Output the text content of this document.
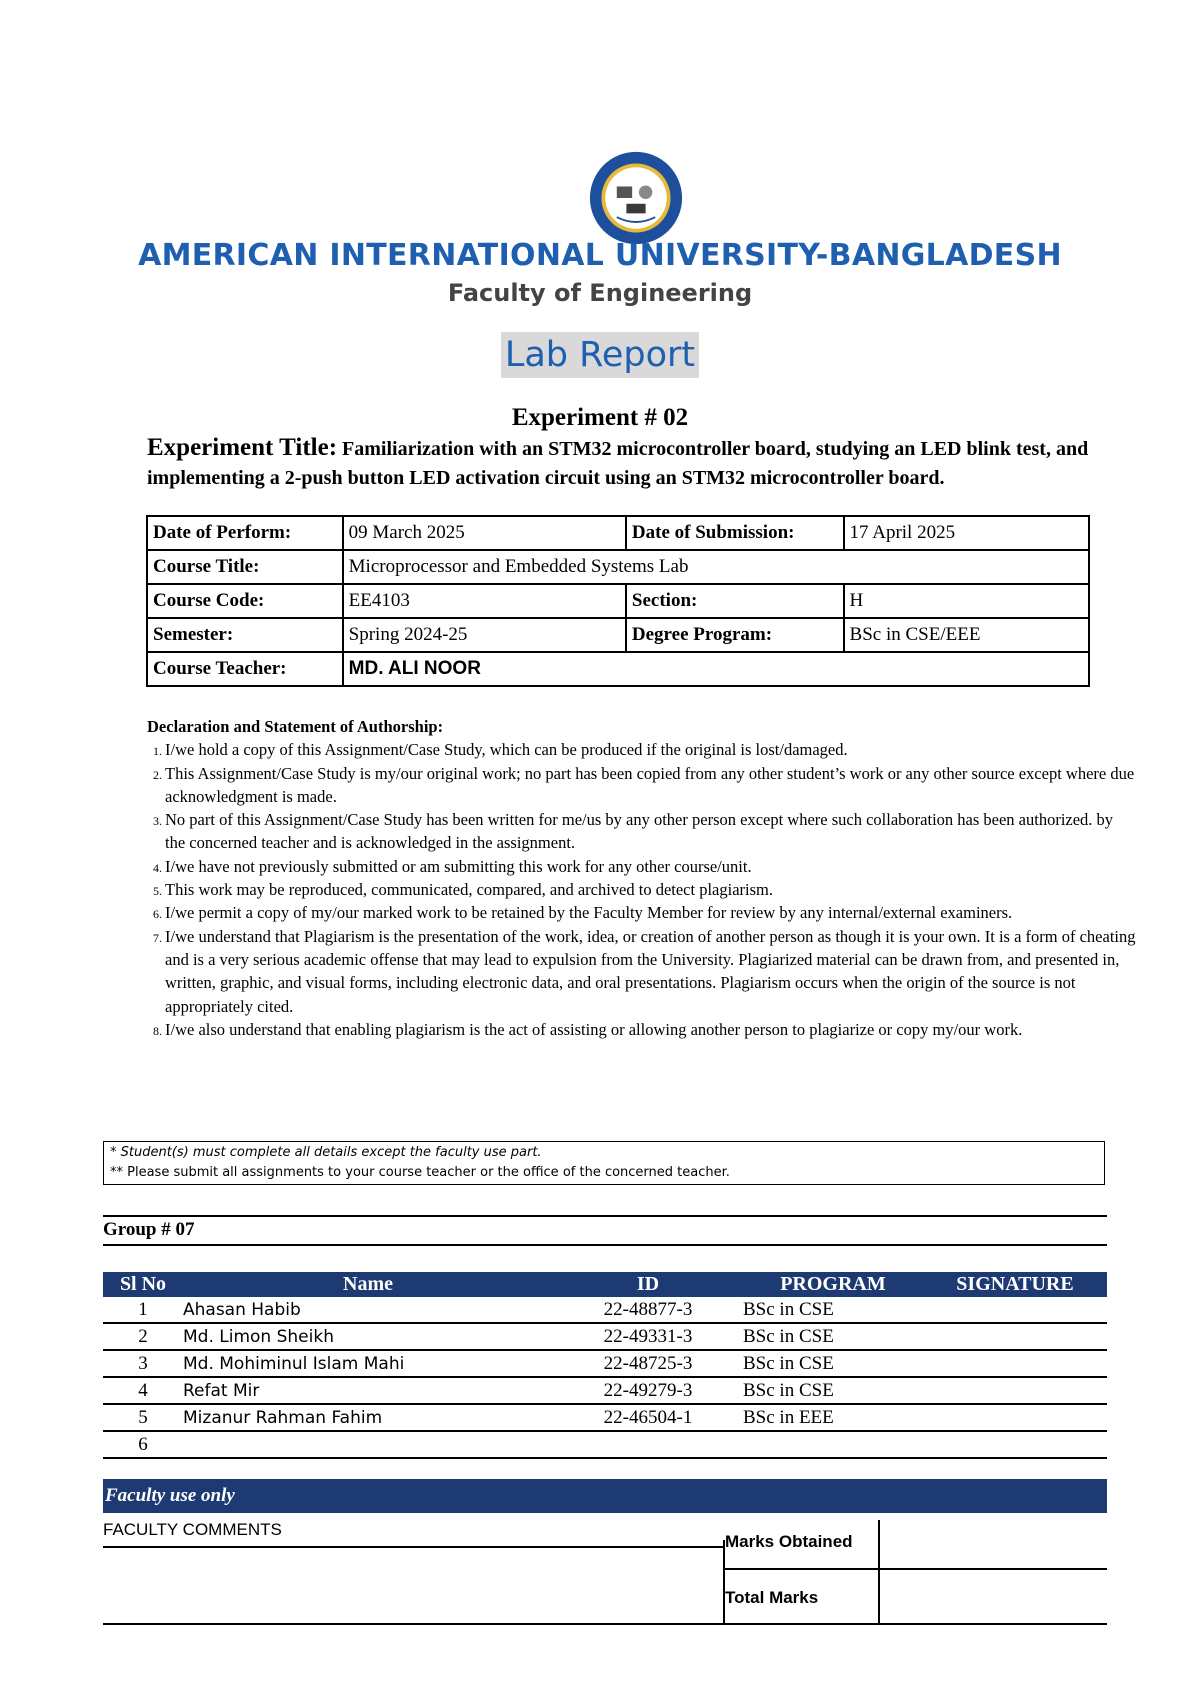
AMERICAN INTERNATIONAL UNIVERSITY-BANGLADESH
Faculty of Engineering
Lab Report
Experiment # 02
Experiment Title: Familiarization with an STM32 microcontroller board, studying an LED blink test, and implementing a 2-push button LED activation circuit using an STM32 microcontroller board.
Date of Perform:	09 March 2025	Date of Submission:	17 April 2025
Course Title:	Microprocessor and Embedded Systems Lab		
Course Code:	EE4103	Section:	H
Semester:	Spring 2024-25	Degree Program:	BSc in CSE/EEE
Course Teacher:	MD. ALI NOOR		
Declaration and Statement of Authorship:
1. I/we hold a copy of this Assignment/Case Study, which can be produced if the original is lost/damaged.
2. This Assignment/Case Study is my/our original work; no part has been copied from any other student’s work or any other source except where due acknowledgment is made.
3. No part of this Assignment/Case Study has been written for me/us by any other person except where such collaboration has been authorized. by the concerned teacher and is acknowledged in the assignment.
4. I/we have not previously submitted or am submitting this work for any other course/unit.
5. This work may be reproduced, communicated, compared, and archived to detect plagiarism.
6. I/we permit a copy of my/our marked work to be retained by the Faculty Member for review by any internal/external examiners.
7. I/we understand that Plagiarism is the presentation of the work, idea, or creation of another person as though it is your own. It is a form of cheating and is a very serious academic offense that may lead to expulsion from the University. Plagiarized material can be drawn from, and presented in, written, graphic, and visual forms, including electronic data, and oral presentations. Plagiarism occurs when the origin of the source is not appropriately cited.
8. I/we also understand that enabling plagiarism is the act of assisting or allowing another person to plagiarize or copy my/our work.
* Student(s) must complete all details except the faculty use part.
** Please submit all assignments to your course teacher or the office of the concerned teacher.
Group # 07
Sl No	Name	ID	PROGRAM	SIGNATURE
1	Ahasan Habib	22-48877-3	BSc in CSE	
2	Md. Limon Sheikh	22-49331-3	BSc in CSE	
3	Md. Mohiminul Islam Mahi	22-48725-3	BSc in CSE	
4	Refat Mir	22-49279-3	BSc in CSE	
5	Mizanur Rahman Fahim	22-46504-1	BSc in EEE	
6				
Faculty use only
FACULTY COMMENTS
Marks Obtained
Total Marks
